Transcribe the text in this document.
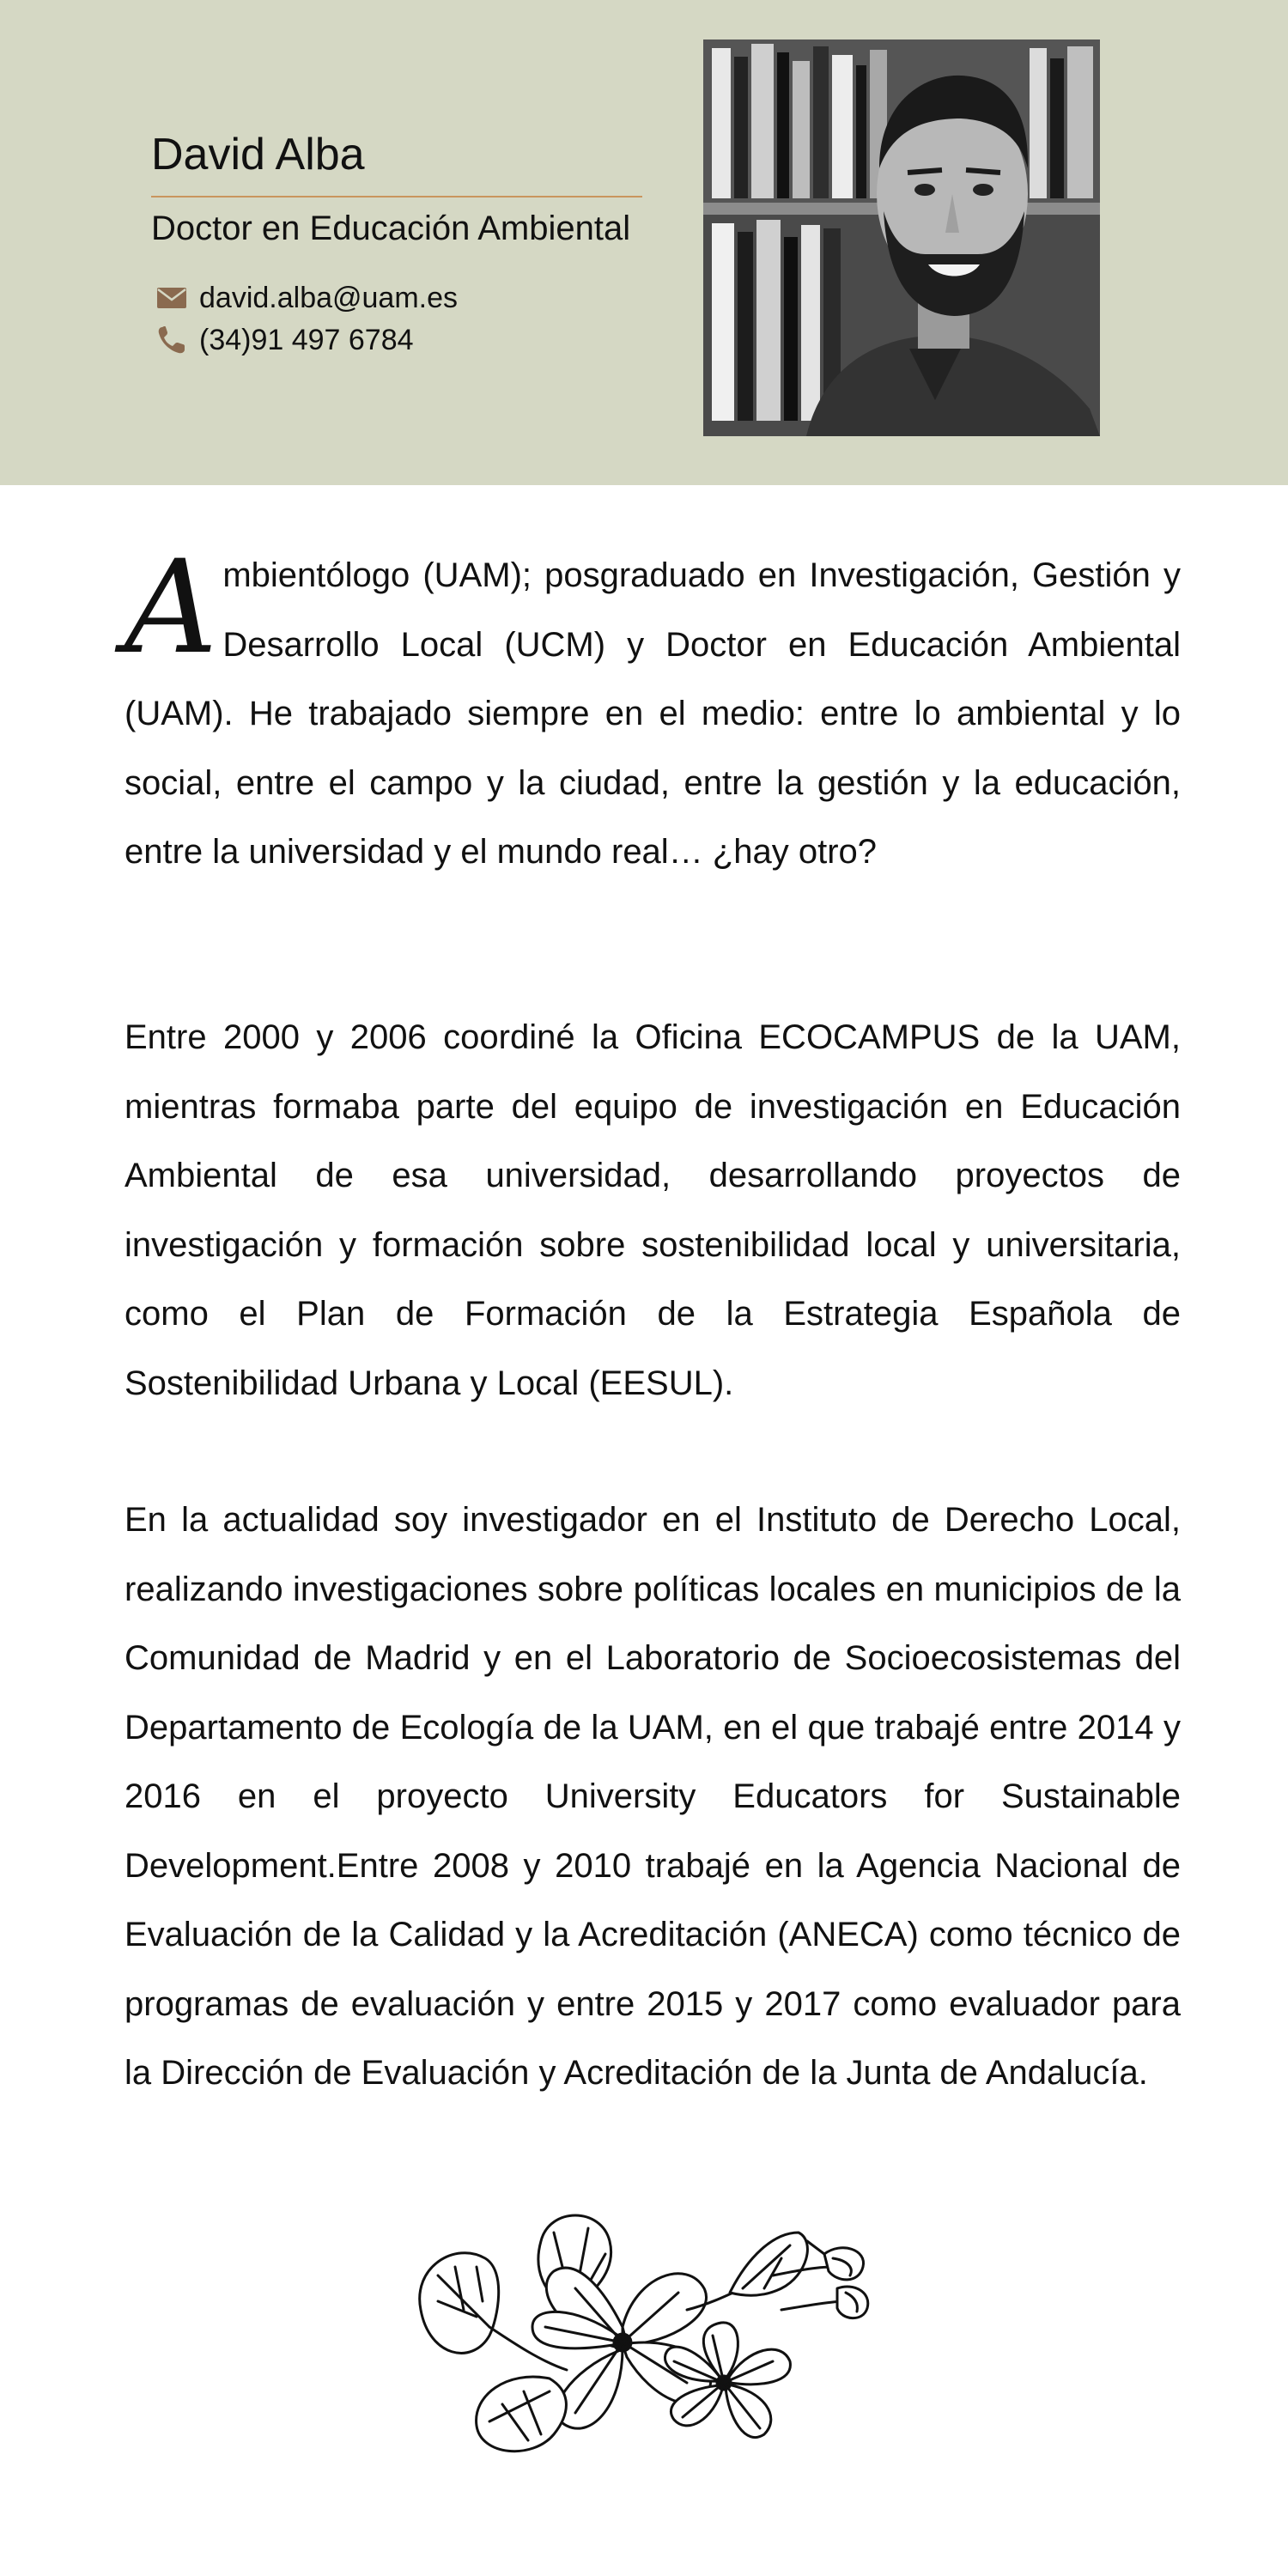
David Alba
Doctor en Educación Ambiental
david.alba@uam.es
(34)91 497 6784
Ambientólogo (UAM); posgraduado en Investigación, Gestión y Desarrollo Local (UCM) y Doctor en Educación Ambiental (UAM). He trabajado siempre en el medio: entre lo ambiental y lo social, entre el campo y la ciudad, entre la gestión y la educación, entre la universidad y el mundo real… ¿hay otro?
Entre 2000 y 2006 coordiné la Oficina ECOCAMPUS de la UAM, mientras formaba parte del equipo de investigación en Educación Ambiental de esa universidad, desarrollando proyectos de investigación y formación sobre sostenibilidad local y universitaria, como el Plan de Formación de la Estrategia Española de Sostenibilidad Urbana y Local (EESUL).
En la actualidad soy investigador en el Instituto de Derecho Local, realizando investigaciones sobre políticas locales en municipios de la Comunidad de Madrid y en el Laboratorio de Socioecosistemas del Departamento de Ecología de la UAM, en el que trabajé entre 2014 y 2016 en el proyecto University Educators for Sustainable Development.Entre 2008 y 2010 trabajé en la Agencia Nacional de Evaluación de la Calidad y la Acreditación (ANECA) como técnico de programas de evaluación y entre 2015 y 2017 como evaluador para la Dirección de Evaluación y Acreditación de la Junta de Andalucía.
